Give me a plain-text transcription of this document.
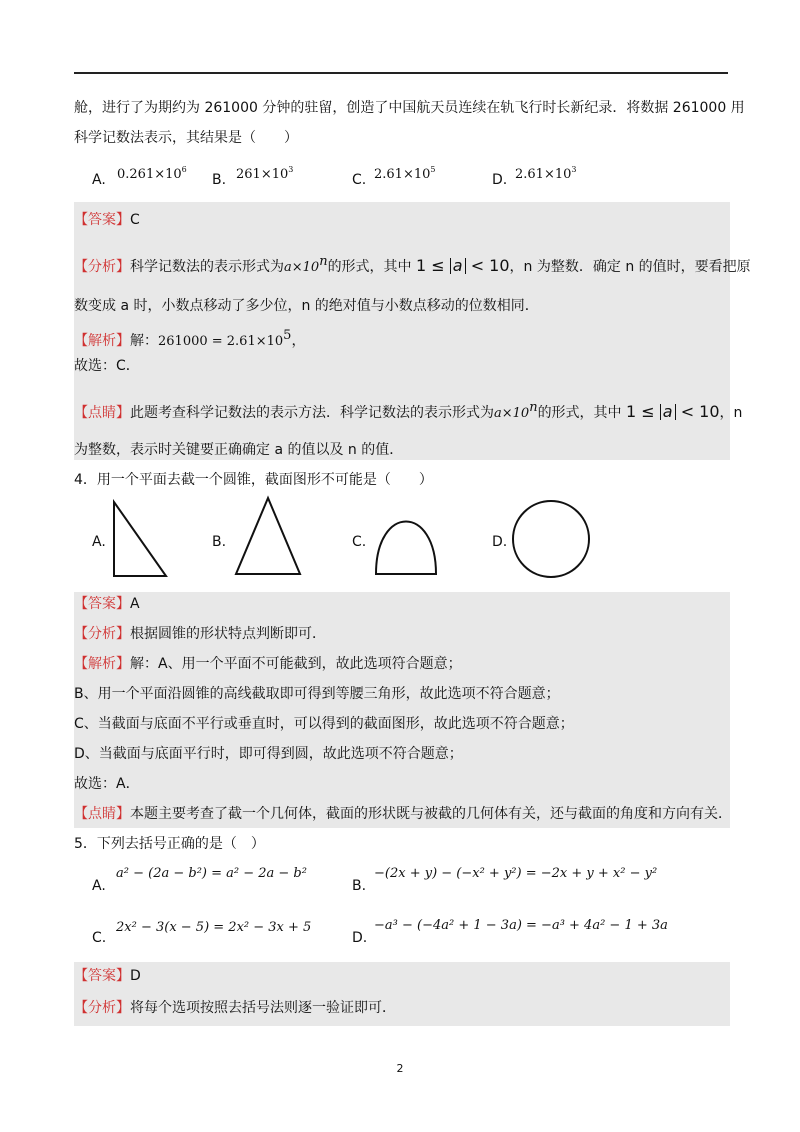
舱，进行了为期约为 261000 分钟的驻留，创造了中国航天员连续在轨飞行时长新纪录．将数据 261000 用
科学记数法表示，其结果是（　　）
A. $0.261\times 10^6$
B. $261\times 10^3$
C. $2.61\times 10^5$
D. $2.61\times 10^3$
【答案】C
【分析】科学记数法的表示形式为$a\times 10^n$的形式，其中 1 ≤ a < 10，n 为整数．确定 n 的值时，要看把原
数变成 a 时，小数点移动了多少位，n 的绝对值与小数点移动的位数相同．
【解析】解：$261000 = 2.61\times 10^5$，
故选：C．
【点睛】此题考查科学记数法的表示方法．科学记数法的表示形式为$a\times 10^n$的形式，其中 1 ≤ a < 10，n
为整数，表示时关键要正确确定 a 的值以及 n 的值．
4．用一个平面去截一个圆锥，截面图形不可能是（　　）
A.	B.	C.	D.
【答案】A
【分析】根据圆锥的形状特点判断即可．
【解析】解：A、用一个平面不可能截到，故此选项符合题意；
B、用一个平面沿圆锥的高线截取即可得到等腰三角形，故此选项不符合题意；
C、当截面与底面不平行或垂直时，可以得到的截面图形，故此选项不符合题意；
D、当截面与底面平行时，即可得到圆，故此选项不符合题意；
故选：A．
【点睛】本题主要考查了截一个几何体，截面的形状既与被截的几何体有关，还与截面的角度和方向有关．
5．下列去括号正确的是（　）
A.
a² − (2a − b²) = a² − 2a − b²
B.
−(2x + y) − (−x² + y²) = −2x + y + x² − y²
C.
2x² − 3(x − 5) = 2x² − 3x + 5
D.
−a³ − (−4a² + 1 − 3a) = −a³ + 4a² − 1 + 3a
【答案】D
【分析】将每个选项按照去括号法则逐一验证即可．
2
